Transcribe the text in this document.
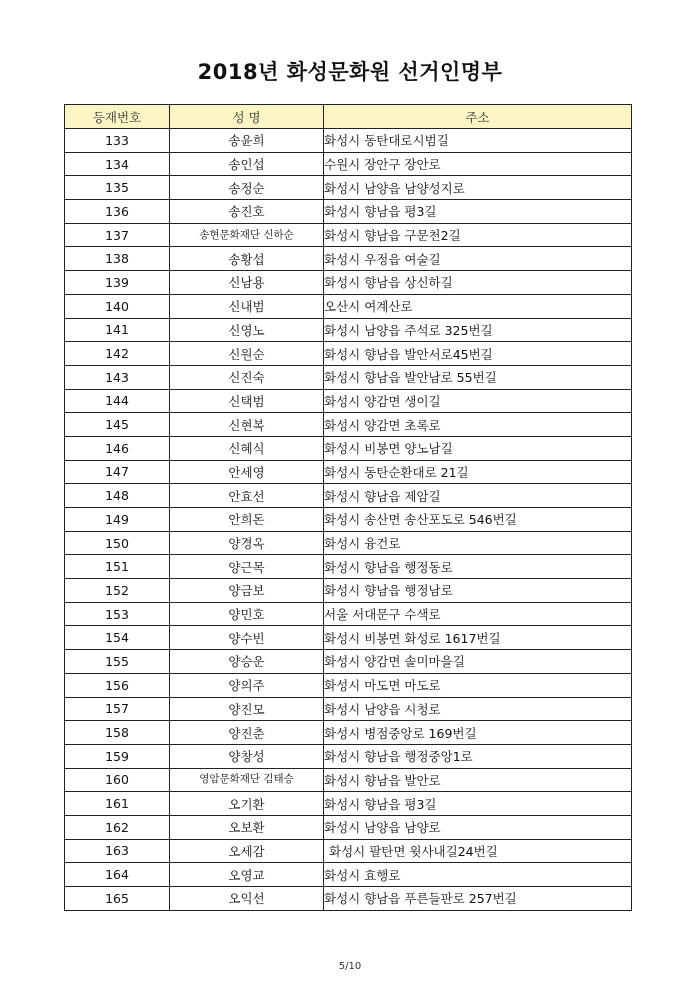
2018년 화성문화원 선거인명부
등재번호	성 명	주소
133	송윤희	화성시 동탄대로시범길
134	송인섭	수원시 장안구 장안로
135	송정순	화성시 남양읍 남양성지로
136	송진호	화성시 향남읍 평3길
137	송현문화재단 신하순	화성시 향남읍 구문천2길
138	송황섭	화성시 우정읍 여술길
139	신남용	화성시 향남읍 상신하길
140	신내범	오산시 여계산로
141	신영노	화성시 남양읍 주석로 325번길
142	신원순	화성시 향남읍 발안서로45번길
143	신진숙	화성시 향남읍 발안남로 55번길
144	신택범	화성시 양감면 생이길
145	신현복	화성시 양감면 초록로
146	신혜식	화성시 비봉면 양노남길
147	안세영	화성시 동탄순환대로 21길
148	안효선	화성시 향남읍 제암길
149	안희돈	화성시 송산면 송산포도로 546번길
150	양경옥	화성시 융건로
151	양근목	화성시 향남읍 행정동로
152	양금보	화성시 향남읍 행정남로
153	양민호	서울 서대문구 수색로
154	양수빈	화성시 비봉면 화성로 1617번길
155	양승운	화성시 양감면 솔미마을길
156	양의주	화성시 마도면 마도로
157	양진모	화성시 남양읍 시청로
158	양진춘	화성시 병점중앙로 169번길
159	양창성	화성시 향남읍 행정중앙1로
160	영암문화재단 김태승	화성시 향남읍 발안로
161	오기환	화성시 향남읍 평3길
162	오보환	화성시 남양읍 남양로
163	오세감	화성시 팔탄면 윗사내길24번길
164	오영교	화성시 효행로
165	오익선	화성시 향남읍 푸른들판로 257번길
5/10
